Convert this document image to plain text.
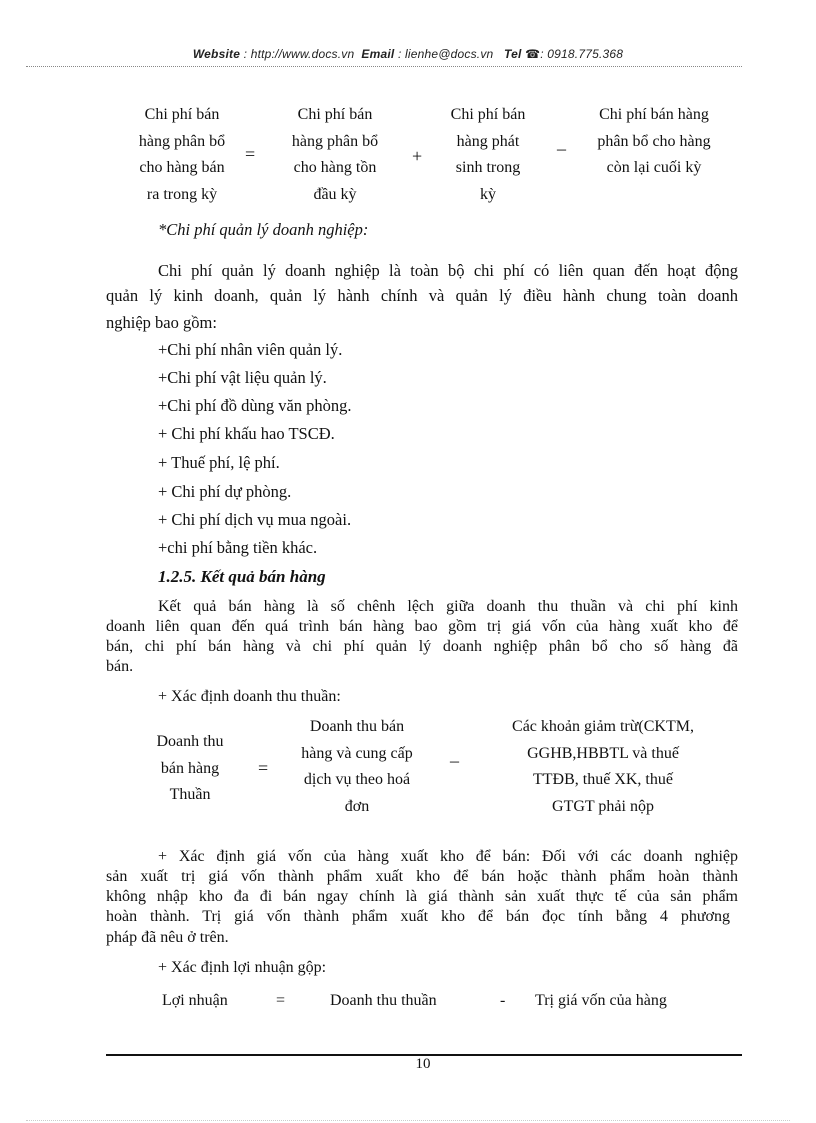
Website : http://www.docs.vn Email : lienhe@docs.vn Tel ☎: 0918.775.368
Chi phí bán
hàng phân bổ
cho hàng bán
ra trong kỳ
=
Chi phí bán
hàng phân bổ
cho hàng tồn
đầu kỳ
+
Chi phí bán
hàng phát
sinh trong
kỳ
_
Chi phí bán hàng
phân bổ cho hàng
còn lại cuối kỳ
*Chi phí quản lý doanh nghiệp:
Chi phí quản lý doanh nghiệp là toàn bộ chi phí có liên quan đến hoạt động
quản lý kinh doanh, quản lý hành chính và quản lý điều hành chung toàn doanh
nghiệp bao gồm:
+Chi phí nhân viên quản lý.
+Chi phí vật liệu quản lý.
+Chi phí đồ dùng văn phòng.
+ Chi phí khấu hao TSCĐ.
+ Thuế phí, lệ phí.
+ Chi phí dự phòng.
+ Chi phí dịch vụ mua ngoài.
+chi phí bằng tiền khác.
1.2.5. Kết quả bán hàng
Kết quả bán hàng là số chênh lệch giữa doanh thu thuần và chi phí kinh
doanh liên quan đến quá trình bán hàng bao gồm trị giá vốn của hàng xuất kho để
bán, chi phí bán hàng và chi phí quản lý doanh nghiệp phân bổ cho số hàng đã
bán.
+ Xác định doanh thu thuần:
Doanh thu
bán hàng
Thuần
=
Doanh thu bán
hàng và cung cấp
dịch vụ theo hoá
đơn
_
Các khoản giảm trừ(CKTM,
GGHB,HBBTL và thuế
TTĐB, thuế XK, thuế
GTGT phải nộp
+ Xác định giá vốn của hàng xuất kho để bán: Đối với các doanh nghiệp
sản xuất trị giá vốn thành phẩm xuất kho để bán hoặc thành phẩm hoàn thành
không nhập kho đa đi bán ngay chính là giá thành sản xuất thực tế của sản phẩm
hoàn thành. Trị giá vốn thành phẩm xuất kho để bán đọc tính bằng 4 phương
pháp đã nêu ở trên.
+ Xác định lợi nhuận gộp:
Lợi nhuận	=	Doanh thu thuần	- Trị giá vốn của hàng
10
